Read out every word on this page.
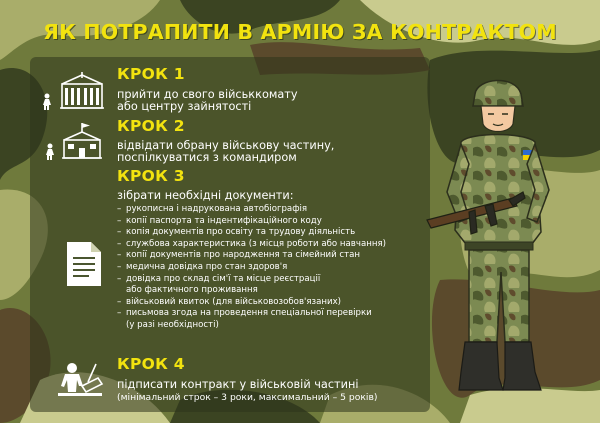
ЯК ПОТРАПИТИ В АРМІЮ ЗА КОНТРАКТОМ
КРОК 1
прийти до свого військкомату
або центру зайнятості
КРОК 2
відвідати обрану військову частину,
поспілкуватися з командиром
КРОК 3
зібрати необхідні документи:
– рукописна і надрукована автобіографія
– копії паспорта та індентифікаційного коду
– копія документів про освіту та трудову діяльність
– службова характеристика (з місця роботи або навчання)
– копії документів про народження та сімейний стан
– медична довідка про стан здоров'я
– довідка про склад сім'ї та місце реєстрації
або фактичного проживання
– військовий квиток (для військовозобов'язаних)
– письмова згода на проведення спеціальної перевірки
(у разі необхідності)
КРОК 4
підписати контракт у військовій частині
(мінімальний строк – 3 роки, максимальний – 5 років)
